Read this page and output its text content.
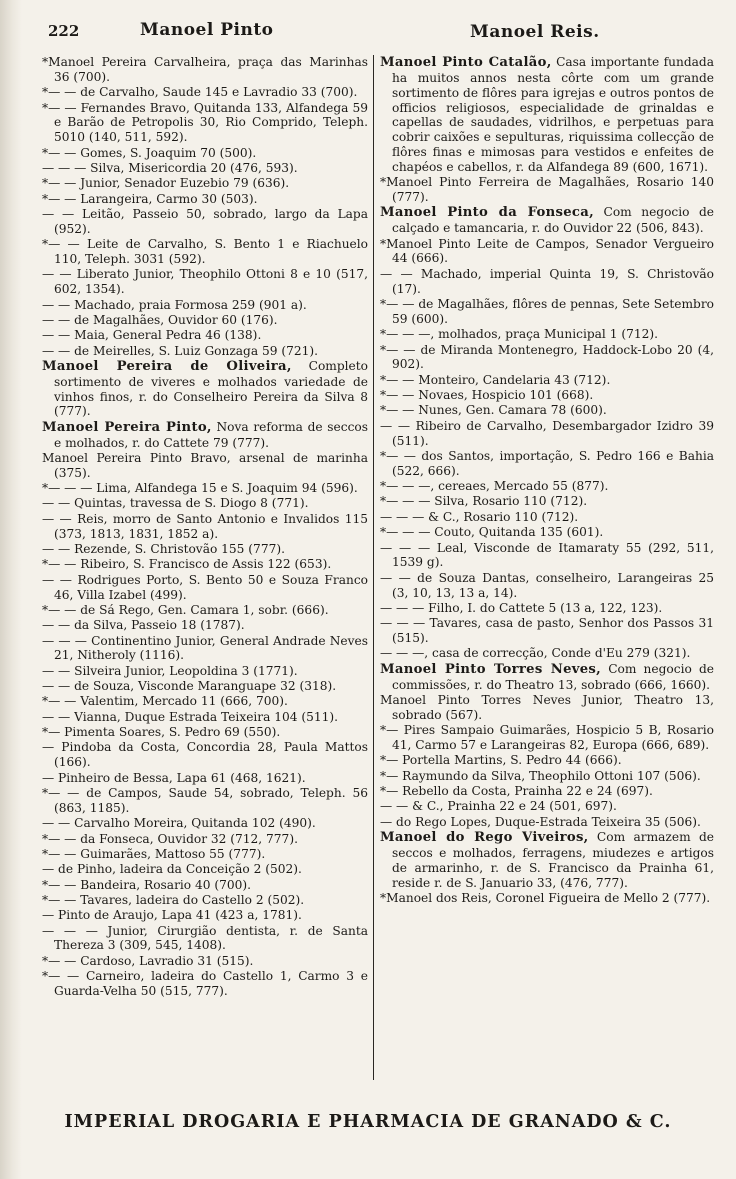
222	Manoel Pinto	Manoel Reis.

*Manoel Pereira Carvalheira, praça das Marinhas 36 (700).

*— — de Carvalho, Saude 145 e Lavradio 33 (700).

*— — Fernandes Bravo, Quitanda 133, Alfandega 59 e Barão de Petropolis 30, Rio Comprido, Teleph. 5010 (140, 511, 592).

*— — Gomes, S. Joaquim 70 (500).

— — — Silva, Misericordia 20 (476, 593).

*— — Junior, Senador Euzebio 79 (636).

*— — Larangeira, Carmo 30 (503).

— — Leitão, Passeio 50, sobrado, largo da Lapa (952).

*— — Leite de Carvalho, S. Bento 1 e Riachuelo 110, Teleph. 3031 (592).

— — Liberato Junior, Theophilo Ottoni 8 e 10 (517, 602, 1354).

— — Machado, praia Formosa 259 (901 a).

— — de Magalhães, Ouvidor 60 (176).

— — Maia, General Pedra 46 (138).

— — de Meirelles, S. Luiz Gonzaga 59 (721).

Manoel Pereira de Oliveira, Completo sortimento de viveres e molhados variedade de vinhos finos, r. do Conselheiro Pereira da Silva 8 (777).

Manoel Pereira Pinto, Nova reforma de seccos e molhados, r. do Cattete 79 (777).

Manoel Pereira Pinto Bravo, arsenal de marinha (375).

*— — — Lima, Alfandega 15 e S. Joaquim 94 (596).

— — Quintas, travessa de S. Diogo 8 (771).

— — Reis, morro de Santo Antonio e Invalidos 115 (373, 1813, 1831, 1852 a).

— — Rezende, S. Christovão 155 (777).

*— — Ribeiro, S. Francisco de Assis 122 (653).

— — Rodrigues Porto, S. Bento 50 e Souza Franco 46, Villa Izabel (499).

*— — de Sá Rego, Gen. Camara 1, sobr. (666).

— — da Silva, Passeio 18 (1787).

— — — Continentino Junior, General Andrade Neves 21, Nitheroly (1116).

— — Silveira Junior, Leopoldina 3 (1771).

— — de Souza, Visconde Maranguape 32 (318).

*— — Valentim, Mercado 11 (666, 700).

— — Vianna, Duque Estrada Teixeira 104 (511).

*— Pimenta Soares, S. Pedro 69 (550).

— Pindoba da Costa, Concordia 28, Paula Mattos (166).

— Pinheiro de Bessa, Lapa 61 (468, 1621).

*— — de Campos, Saude 54, sobrado, Teleph. 56 (863, 1185).

— — Carvalho Moreira, Quitanda 102 (490).

*— — da Fonseca, Ouvidor 32 (712, 777).

*— — Guimarães, Mattoso 55 (777).

— de Pinho, ladeira da Conceição 2 (502).

*— — Bandeira, Rosario 40 (700).

*— — Tavares, ladeira do Castello 2 (502).

— Pinto de Araujo, Lapa 41 (423 a, 1781).

— — — Junior, Cirurgião dentista, r. de Santa Thereza 3 (309, 545, 1408).

*— — Cardoso, Lavradio 31 (515).

*— — Carneiro, ladeira do Castello 1, Carmo 3 e Guarda-Velha 50 (515, 777).

Manoel Pinto Catalão, Casa importante fundada ha muitos annos nesta côrte com um grande sortimento de flôres para igrejas e outros pontos de officios religiosos, especialidade de grinaldas e capellas de saudades, vidrilhos, e perpetuas para cobrir caixões e sepulturas, riquissima collecção de flôres finas e mimosas para vestidos e enfeites de chapéos e cabellos, r. da Alfandega 89 (600, 1671).

*Manoel Pinto Ferreira de Magalhães, Rosario 140 (777).

Manoel Pinto da Fonseca, Com negocio de calçado e tamancaria, r. do Ouvidor 22 (506, 843).

*Manoel Pinto Leite de Campos, Senador Vergueiro 44 (666).

— — Machado, imperial Quinta 19, S. Christovão (17).

*— — de Magalhães, flôres de pennas, Sete Setembro 59 (600).

*— — —, molhados, praça Municipal 1 (712).

*— — de Miranda Montenegro, Haddock-Lobo 20 (4, 902).

*— — Monteiro, Candelaria 43 (712).

*— — Novaes, Hospicio 101 (668).

*— — Nunes, Gen. Camara 78 (600).

— — Ribeiro de Carvalho, Desembargador Izidro 39 (511).

*— — dos Santos, importação, S. Pedro 166 e Bahia (522, 666).

*— — —, cereaes, Mercado 55 (877).

*— — — Silva, Rosario 110 (712).

— — — & C., Rosario 110 (712).

*— — — Couto, Quitanda 135 (601).

— — — Leal, Visconde de Itamaraty 55 (292, 511, 1539 g).

— — de Souza Dantas, conselheiro, Larangeiras 25 (3, 10, 13, 13 a, 14).

— — — Filho, I. do Cattete 5 (13 a, 122, 123).

— — — Tavares, casa de pasto, Senhor dos Passos 31 (515).

— — —, casa de correcção, Conde d'Eu 279 (321).

Manoel Pinto Torres Neves, Com negocio de commissões, r. do Theatro 13, sobrado (666, 1660).

Manoel Pinto Torres Neves Junior, Theatro 13, sobrado (567).

*— Pires Sampaio Guimarães, Hospicio 5 B, Rosario 41, Carmo 57 e Larangeiras 82, Europa (666, 689).

*— Portella Martins, S. Pedro 44 (666).

*— Raymundo da Silva, Theophilo Ottoni 107 (506).

*— Rebello da Costa, Prainha 22 e 24 (697).

— — & C., Prainha 22 e 24 (501, 697).

— do Rego Lopes, Duque-Estrada Teixeira 35 (506).

Manoel do Rego Viveiros, Com armazem de seccos e molhados, ferragens, miudezes e artigos de armarinho, r. de S. Francisco da Prainha 61, reside r. de S. Januario 33, (476, 777).

*Manoel dos Reis, Coronel Figueira de Mello 2 (777).

IMPERIAL DROGARIA E PHARMACIA DE GRANADO & C.
